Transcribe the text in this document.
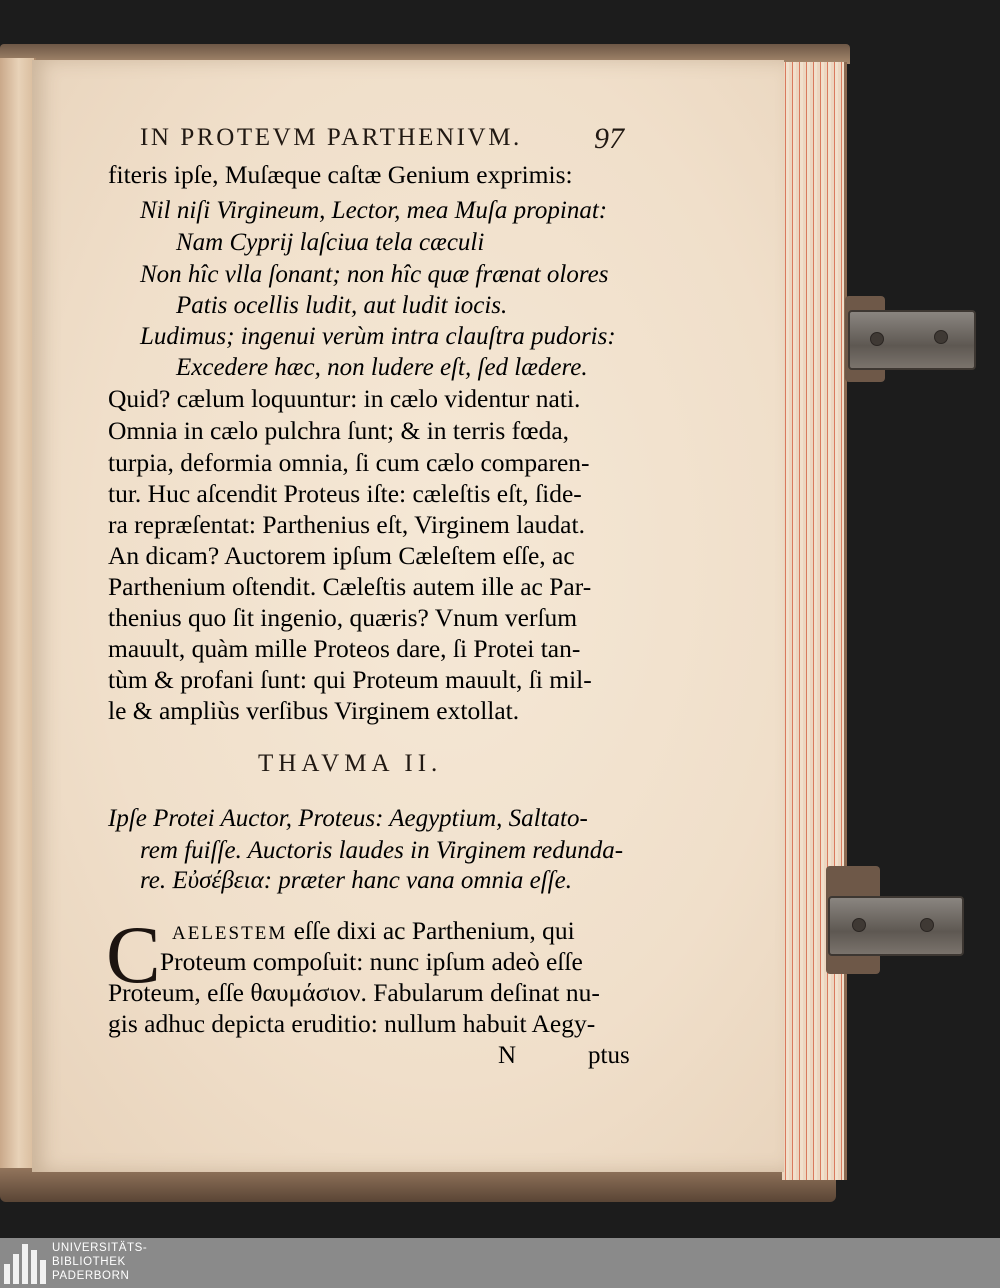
IN PROTEVM PARTHENIVM. 97
fiteris ipſe, Muſæque caſtæ Genium exprimis:
Nil niſi Virgineum, Lector, mea Muſa propinat:
Nam Cyprij laſciua tela cæculi
Non hîc vlla ſonant; non hîc quæ frænat olores
Patis ocellis ludit, aut ludit iocis.
Ludimus; ingenui verùm intra clauſtra pudoris:
Excedere hæc, non ludere eſt, ſed lædere.
Quid? cælum loquuntur: in cælo videntur nati.
Omnia in cælo pulchra ſunt; & in terris fœda,
turpia, deformia omnia, ſi cum cælo comparen-
tur. Huc aſcendit Proteus iſte: cæleſtis eſt, ſide-
ra repræſentat: Parthenius eſt, Virginem laudat.
An dicam? Auctorem ipſum Cæleſtem eſſe, ac
Parthenium oſtendit. Cæleſtis autem ille ac Par-
thenius quo ſit ingenio, quæris? Vnum verſum
mauult, quàm mille Proteos dare, ſi Protei tan-
tùm & profani ſunt: qui Proteum mauult, ſi mil-
le & ampliùs verſibus Virginem extollat.
THAVMA II.
Ipſe Protei Auctor, Proteus: Aegyptium, Saltato-
rem fuiſſe. Auctoris laudes in Virginem redunda-
re. Εὐσέβεια: præter hanc vana omnia eſſe.
C AELESTEM eſſe dixi ac Parthenium, qui
Proteum compoſuit: nunc ipſum adeò eſſe
Proteum, eſſe θαυμάσιον. Fabularum deſinat nu-
gis adhuc depicta eruditio: nullum habuit Aegy-
N	ptus
UNIVERSITÄTS-
BIBLIOTHEK
PADERBORN
